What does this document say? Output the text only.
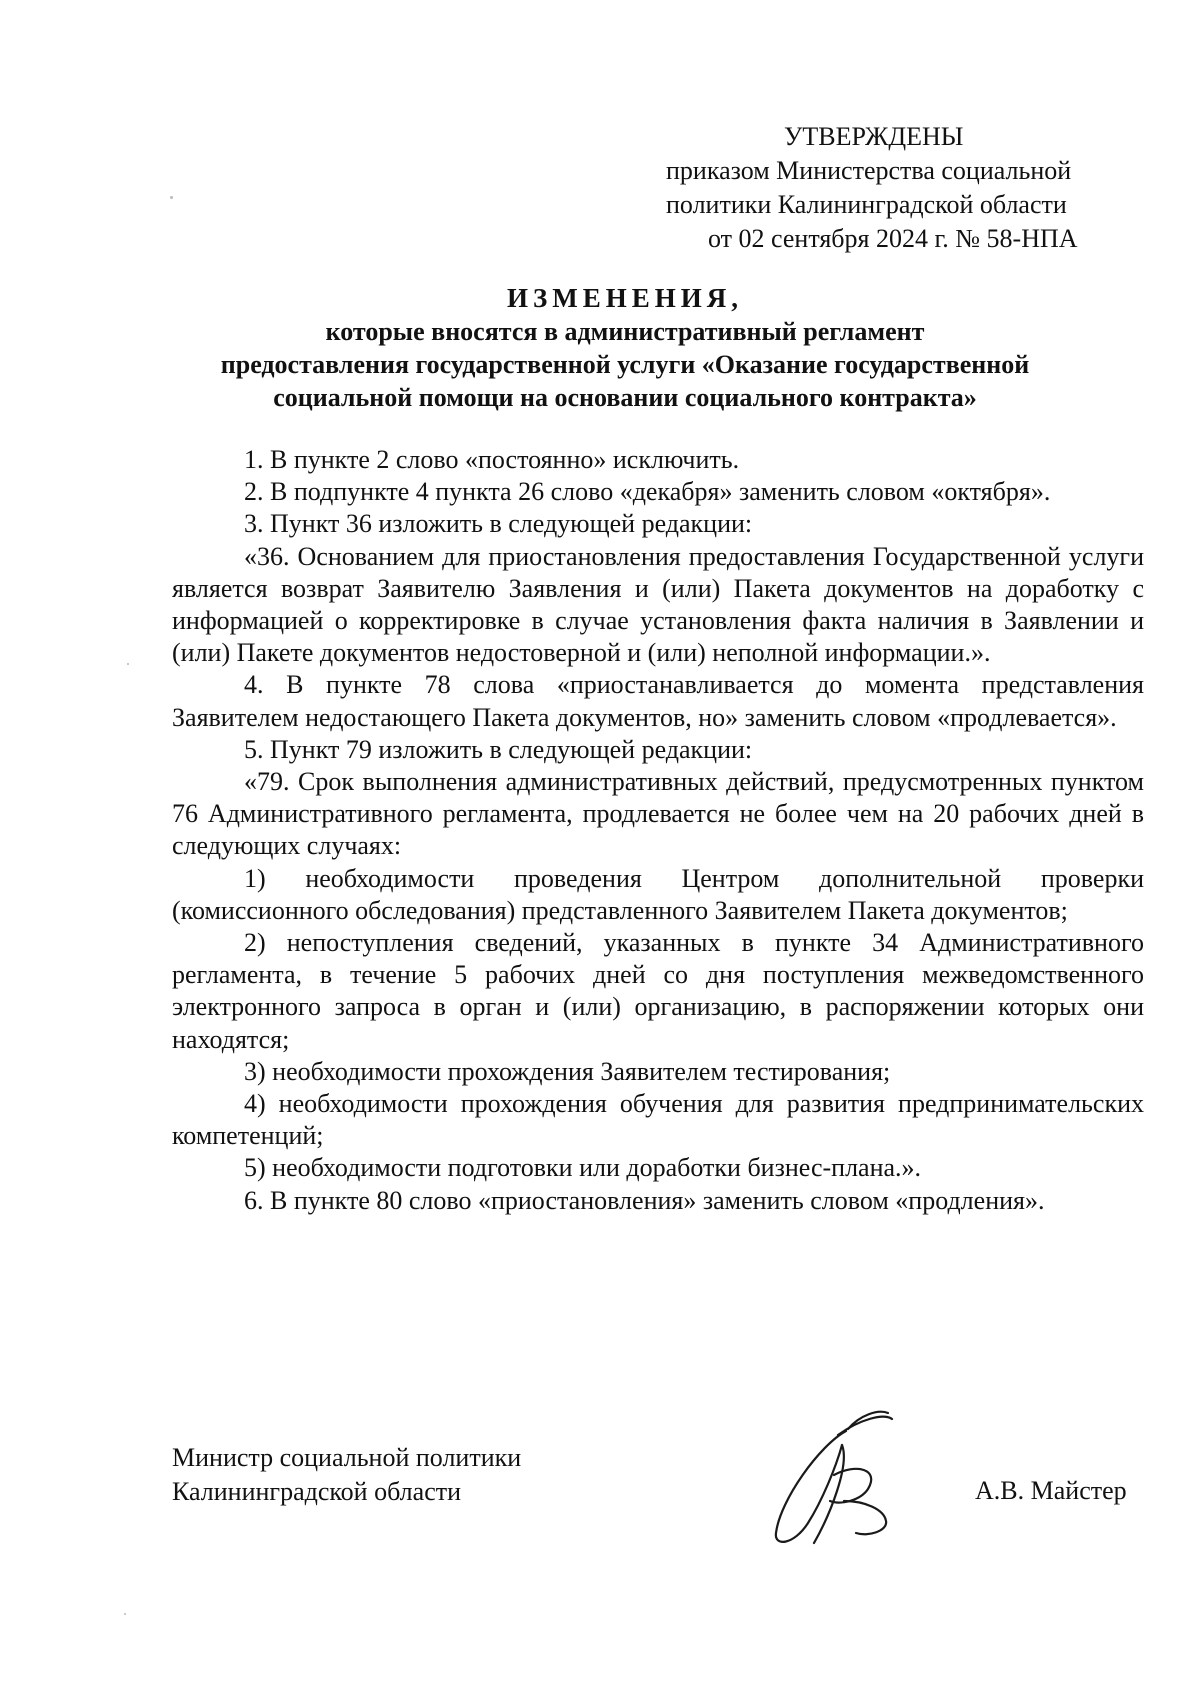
УТВЕРЖДЕНЫ
приказом Министерства социальной
политики Калининградской области
от 02 сентября 2024 г. № 58-НПА
ИЗМЕНЕНИЯ,
которые вносятся в административный регламент
предоставления государственной услуги «Оказание государственной
социальной помощи на основании социального контракта»

1. В пункте 2 слово «постоянно» исключить.

2. В подпункте 4 пункта 26 слово «декабря» заменить словом «октября».

3. Пункт 36 изложить в следующей редакции:

«36. Основанием для приостановления предоставления Государственной услуги является возврат Заявителю Заявления и (или) Пакета документов на доработку с информацией о корректировке в случае установления факта наличия в Заявлении и (или) Пакете документов недостоверной и (или) неполной информации.».

4. В пункте 78 слова «приостанавливается до момента представления Заявителем недостающего Пакета документов, но» заменить словом «продлевается».

5. Пункт 79 изложить в следующей редакции:

«79. Срок выполнения административных действий, предусмотренных пунктом 76 Административного регламента, продлевается не более чем на 20 рабочих дней в следующих случаях:

1) необходимости проведения Центром дополнительной проверки (комиссионного обследования) представленного Заявителем Пакета документов;

2) непоступления сведений, указанных в пункте 34 Административного регламента, в течение 5 рабочих дней со дня поступления межведомственного электронного запроса в орган и (или) организацию, в распоряжении которых они находятся;

3) необходимости прохождения Заявителем тестирования;

4) необходимости прохождения обучения для развития предпринимательских компетенций;

5) необходимости подготовки или доработки бизнес-плана.».

6. В пункте 80 слово «приостановления» заменить словом «продления».

Министр социальной политики
Калининградской области	А.В. Майстер
